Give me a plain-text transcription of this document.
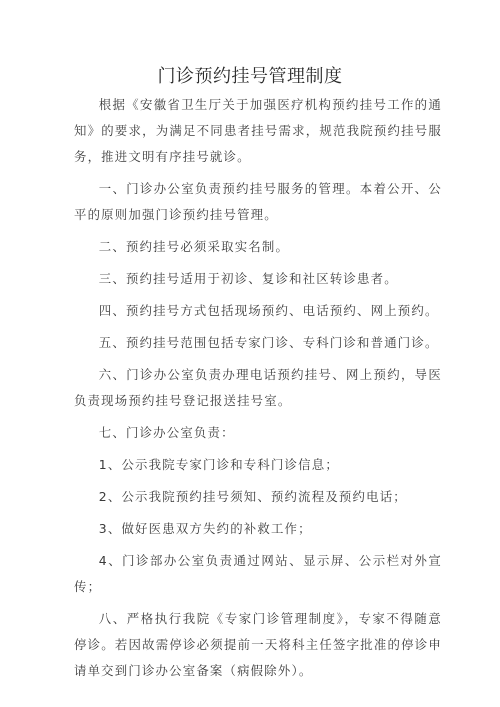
门诊预约挂号管理制度

根据《安徽省卫生厅关于加强医疗机构预约挂号工作的通知》的要求，为满足不同患者挂号需求，规范我院预约挂号服务，推进文明有序挂号就诊。

一、门诊办公室负责预约挂号服务的管理。本着公开、公平的原则加强门诊预约挂号管理。

二、预约挂号必须采取实名制。

三、预约挂号适用于初诊、复诊和社区转诊患者。

四、预约挂号方式包括现场预约、电话预约、网上预约。

五、预约挂号范围包括专家门诊、专科门诊和普通门诊。

六、门诊办公室负责办理电话预约挂号、网上预约，导医负责现场预约挂号登记报送挂号室。

七、门诊办公室负责：

1、公示我院专家门诊和专科门诊信息；

2、公示我院预约挂号须知、预约流程及预约电话；

3、做好医患双方失约的补救工作；

4、门诊部办公室负责通过网站、显示屏、公示栏对外宣传；

八、严格执行我院《专家门诊管理制度》，专家不得随意停诊。若因故需停诊必须提前一天将科主任签字批准的停诊申请单交到门诊办公室备案（病假除外）。
